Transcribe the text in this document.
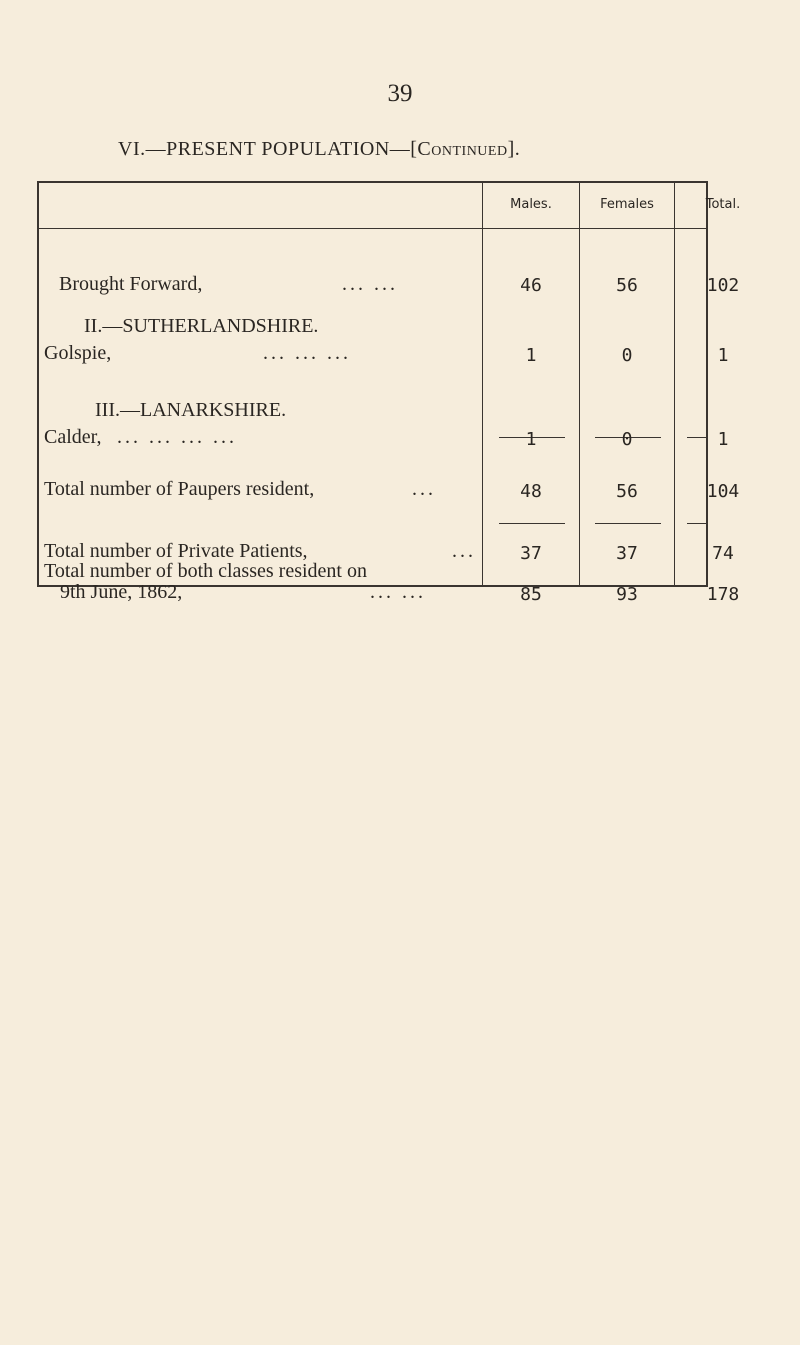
39
VI.—PRESENT POPULATION—[Continued].
Males.	Females	Total.
Brought Forward,	... ...	46	56	102
II.—SUTHERLANDSHIRE.
Golspie,	... ... ...	1	0	1
III.—LANARKSHIRE.
Calder, ... ... ... ...	1	0	1
Total number of Paupers resident,	...	48	56	104
Total number of Private Patients,	...	37	37	74
Total number of both classes resident on
9th June, 1862,	... ...	85	93	178
